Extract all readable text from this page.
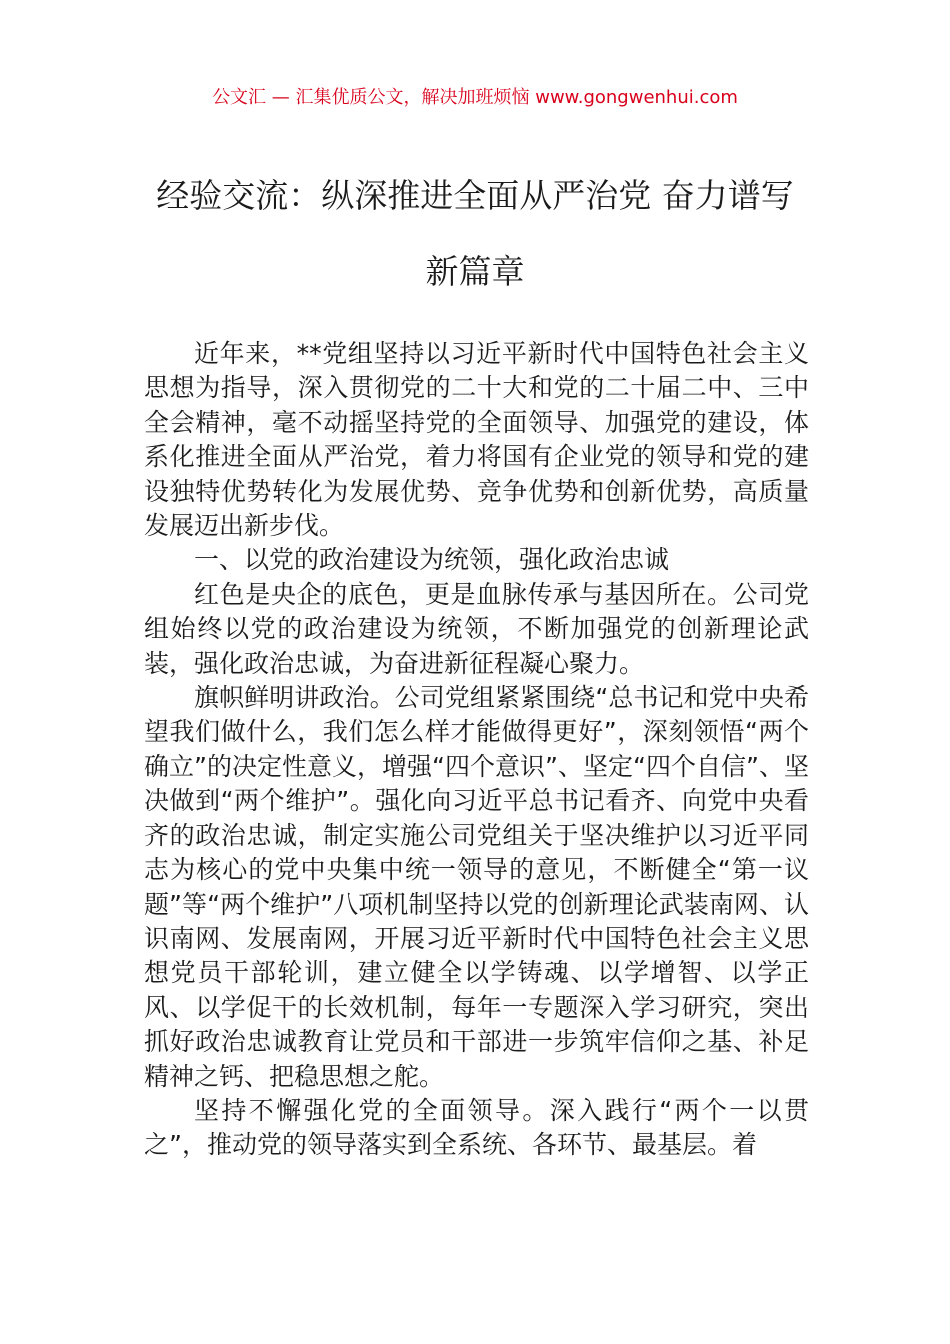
公文汇 — 汇集优质公文，解决加班烦恼 www.gongwenhui.com
经验交流：纵深推进全面从严治党 奋力谱写新篇章

近年来，**党组坚持以习近平新时代中国特色社会主义思想为指导，深入贯彻党的二十大和党的二十届二中、三中全会精神，毫不动摇坚持党的全面领导、加强党的建设，体系化推进全面从严治党，着力将国有企业党的领导和党的建设独特优势转化为发展优势、竞争优势和创新优势，高质量发展迈出新步伐。

一、以党的政治建设为统领，强化政治忠诚

红色是央企的底色，更是血脉传承与基因所在。公司党组始终以党的政治建设为统领，不断加强党的创新理论武装，强化政治忠诚，为奋进新征程凝心聚力。

旗帜鲜明讲政治。公司党组紧紧围绕“总书记和党中央希望我们做什么，我们怎么样才能做得更好”，深刻领悟“两个确立”的决定性意义，增强“四个意识”、坚定“四个自信”、坚决做到“两个维护”。强化向习近平总书记看齐、向党中央看齐的政治忠诚，制定实施公司党组关于坚决维护以习近平同志为核心的党中央集中统一领导的意见，不断健全“第一议题”等“两个维护”八项机制坚持以党的创新理论武装南网、认识南网、发展南网，开展习近平新时代中国特色社会主义思想党员干部轮训，建立健全以学铸魂、以学增智、以学正风、以学促干的长效机制，每年一专题深入学习研究，突出抓好政治忠诚教育让党员和干部进一步筑牢信仰之基、补足精神之钙、把稳思想之舵。

坚持不懈强化党的全面领导。深入践行“两个一以贯之”，推动党的领导落实到全系统、各环节、最基层。着
